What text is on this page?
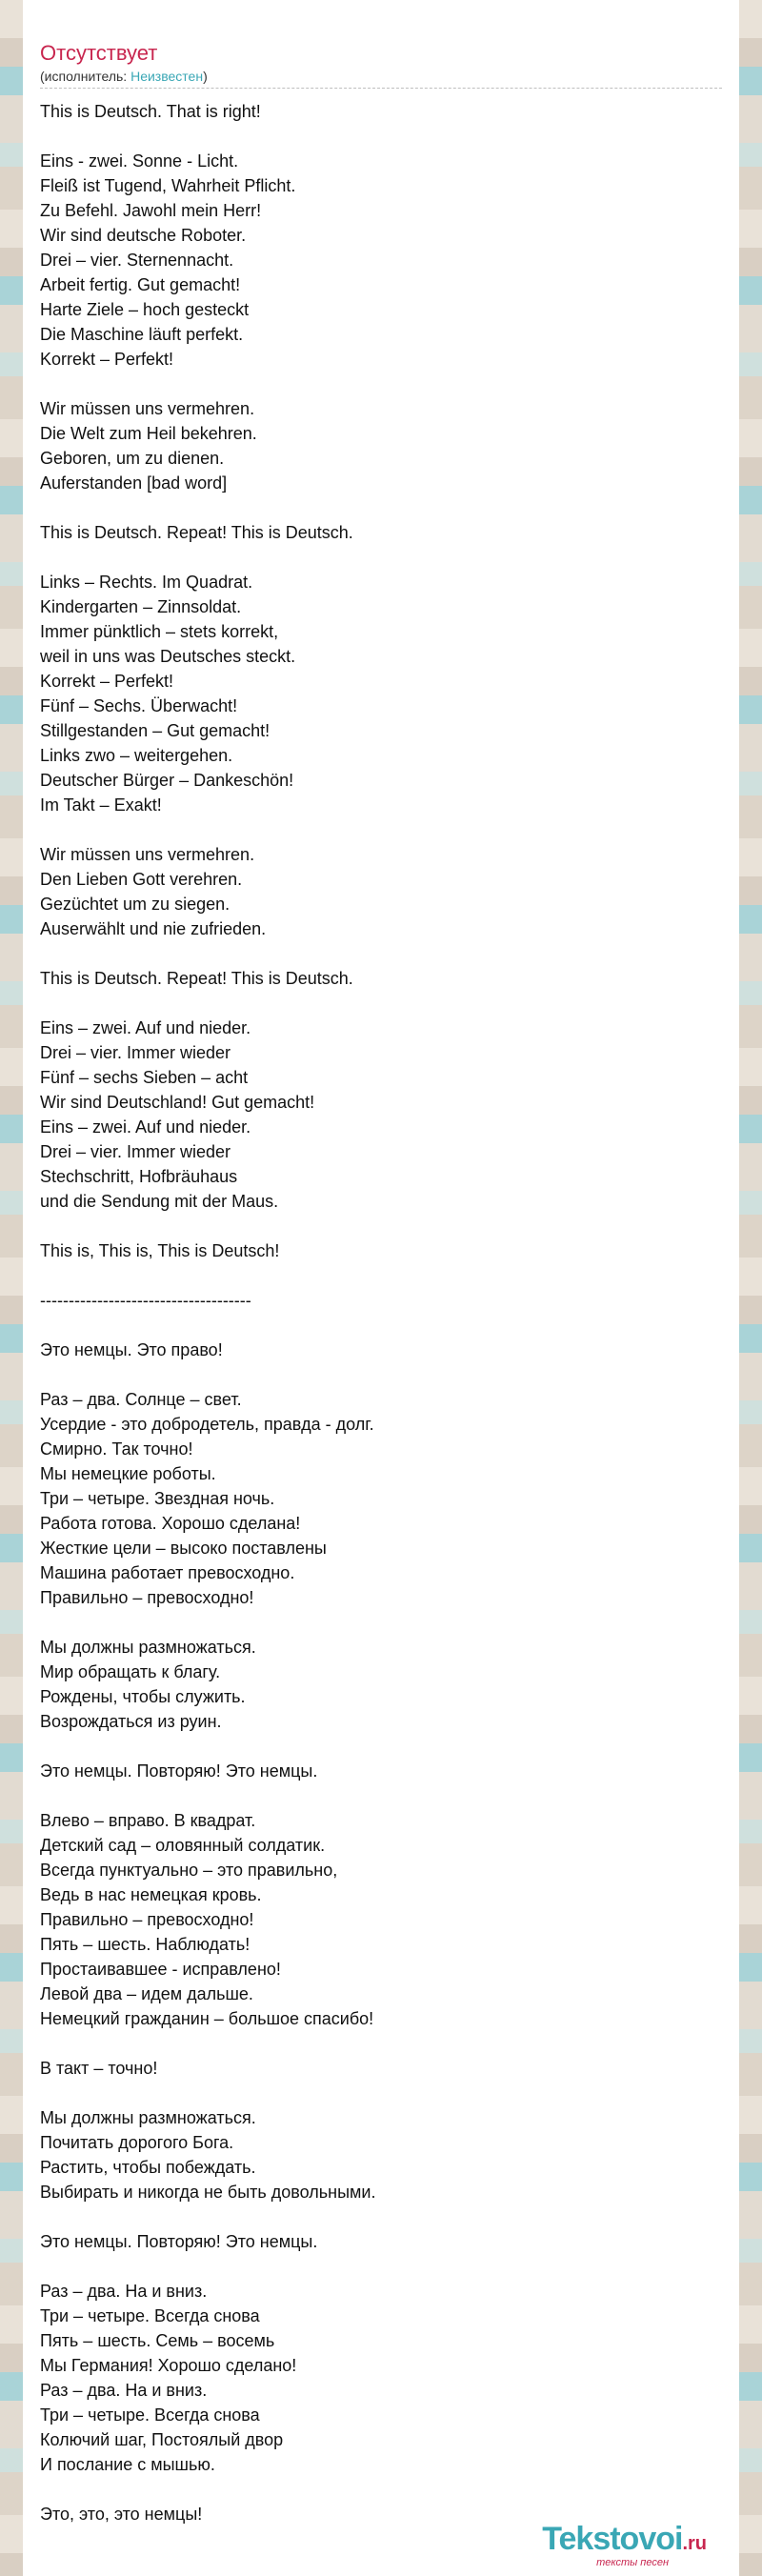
Отсутствует
(исполнитель: Неизвестен)
This is Deutsch. That is right!
Eins - zwei. Sonne - Licht.
Fleiß ist Tugend, Wahrheit Pflicht.
Zu Befehl. Jawohl mein Herr!
Wir sind deutsche Roboter.
Drei – vier. Sternennacht.
Arbeit fertig. Gut gemacht!
Harte Ziele – hoch gesteckt
Die Maschine läuft perfekt.
Korrekt – Perfekt!
Wir müssen uns vermehren.
Die Welt zum Heil bekehren.
Geboren, um zu dienen.
Auferstanden [bad word]
This is Deutsch. Repeat! This is Deutsch.
Links – Rechts. Im Quadrat.
Kindergarten – Zinnsoldat.
Immer pünktlich – stets korrekt,
weil in uns was Deutsches steckt.
Korrekt – Perfekt!
Fünf – Sechs. Überwacht!
Stillgestanden – Gut gemacht!
Links zwo – weitergehen.
Deutscher Bürger – Dankeschön!
Im Takt – Exakt!
Wir müssen uns vermehren.
Den Lieben Gott verehren.
Gezüchtet um zu siegen.
Auserwählt und nie zufrieden.
This is Deutsch. Repeat! This is Deutsch.
Eins – zwei. Auf und nieder.
Drei – vier. Immer wieder
Fünf – sechs Sieben – acht
Wir sind Deutschland! Gut gemacht!
Eins – zwei. Auf und nieder.
Drei – vier. Immer wieder
Stechschritt, Hofbräuhaus
und die Sendung mit der Maus.
This is, This is, This is Deutsch!
-------------------------------------
Это немцы. Это право!
Раз – два. Солнце – свет.
Усердие - это добродетель, правда - долг.
Смирно. Так точно!
Мы немецкие роботы.
Три – четыре. Звездная ночь.
Работа готова. Хорошо сделана!
Жесткие цели – высоко поставлены
Машина работает превосходно.
Правильно – превосходно!
Мы должны размножаться.
Мир обращать к благу.
Рождены, чтобы служить.
Возрождаться из руин.
Это немцы. Повторяю! Это немцы.
Влево – вправо. В квадрат.
Детский сад – оловянный солдатик.
Всегда пунктуально – это правильно,
Ведь в нас немецкая кровь.
Правильно – превосходно!
Пять – шесть. Наблюдать!
Простаивавшее - исправлено!
Левой два – идем дальше.
Немецкий гражданин – большое спасибо!
В такт – точно!
Мы должны размножаться.
Почитать дорогого Бога.
Растить, чтобы побеждать.
Выбирать и никогда не быть довольными.
Это немцы. Повторяю! Это немцы.
Раз – два. На и вниз.
Три – четыре. Всегда снова
Пять – шесть. Семь – восемь
Мы Германия! Хорошо сделано!
Раз – два. На и вниз.
Три – четыре. Всегда снова
Колючий шаг, Постоялый двор
И послание с мышью.
Это, это, это немцы!
Tekstovoi.ru
тексты песен
